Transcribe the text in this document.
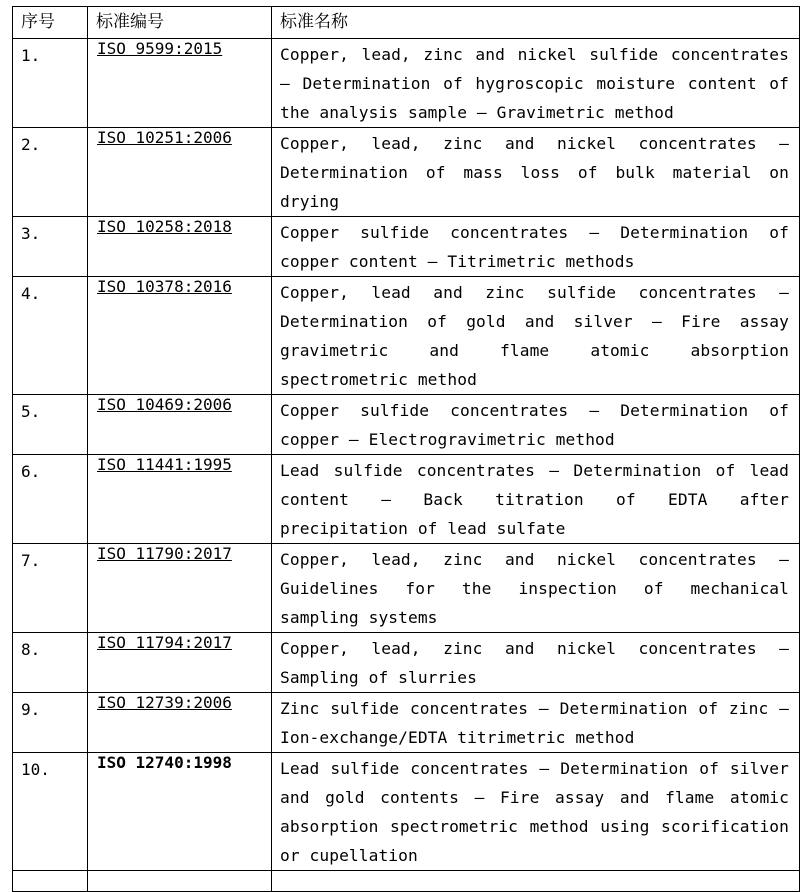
序号	标准编号	标准名称

1.	ISO 9599:2015	Copper, lead, zinc and nickel sulfide concentrates — Determination of hygroscopic moisture content of the analysis sample — Gravimetric method

2.	ISO 10251:2006	Copper, lead, zinc and nickel concentrates — Determination of mass loss of bulk material on drying

3.	ISO 10258:2018	Copper sulfide concentrates — Determination of copper content — Titrimetric methods

4.	ISO 10378:2016	Copper, lead and zinc sulfide concentrates — Determination of gold and silver — Fire assay gravimetric and flame atomic absorption spectrometric method

5.	ISO 10469:2006	Copper sulfide concentrates — Determination of copper — Electrogravimetric method

6.	ISO 11441:1995	Lead sulfide concentrates — Determination of lead content — Back titration of EDTA after precipitation of lead sulfate

7.	ISO 11790:2017	Copper, lead, zinc and nickel concentrates — Guidelines for the inspection of mechanical sampling systems

8.	ISO 11794:2017	Copper, lead, zinc and nickel concentrates — Sampling of slurries

9.	ISO 12739:2006	Zinc sulfide concentrates — Determination of zinc — Ion-exchange/EDTA titrimetric method

10.	ISO 12740:1998	Lead sulfide concentrates — Determination of silver and gold contents — Fire assay and flame atomic absorption spectrometric method using scorification or cupellation
